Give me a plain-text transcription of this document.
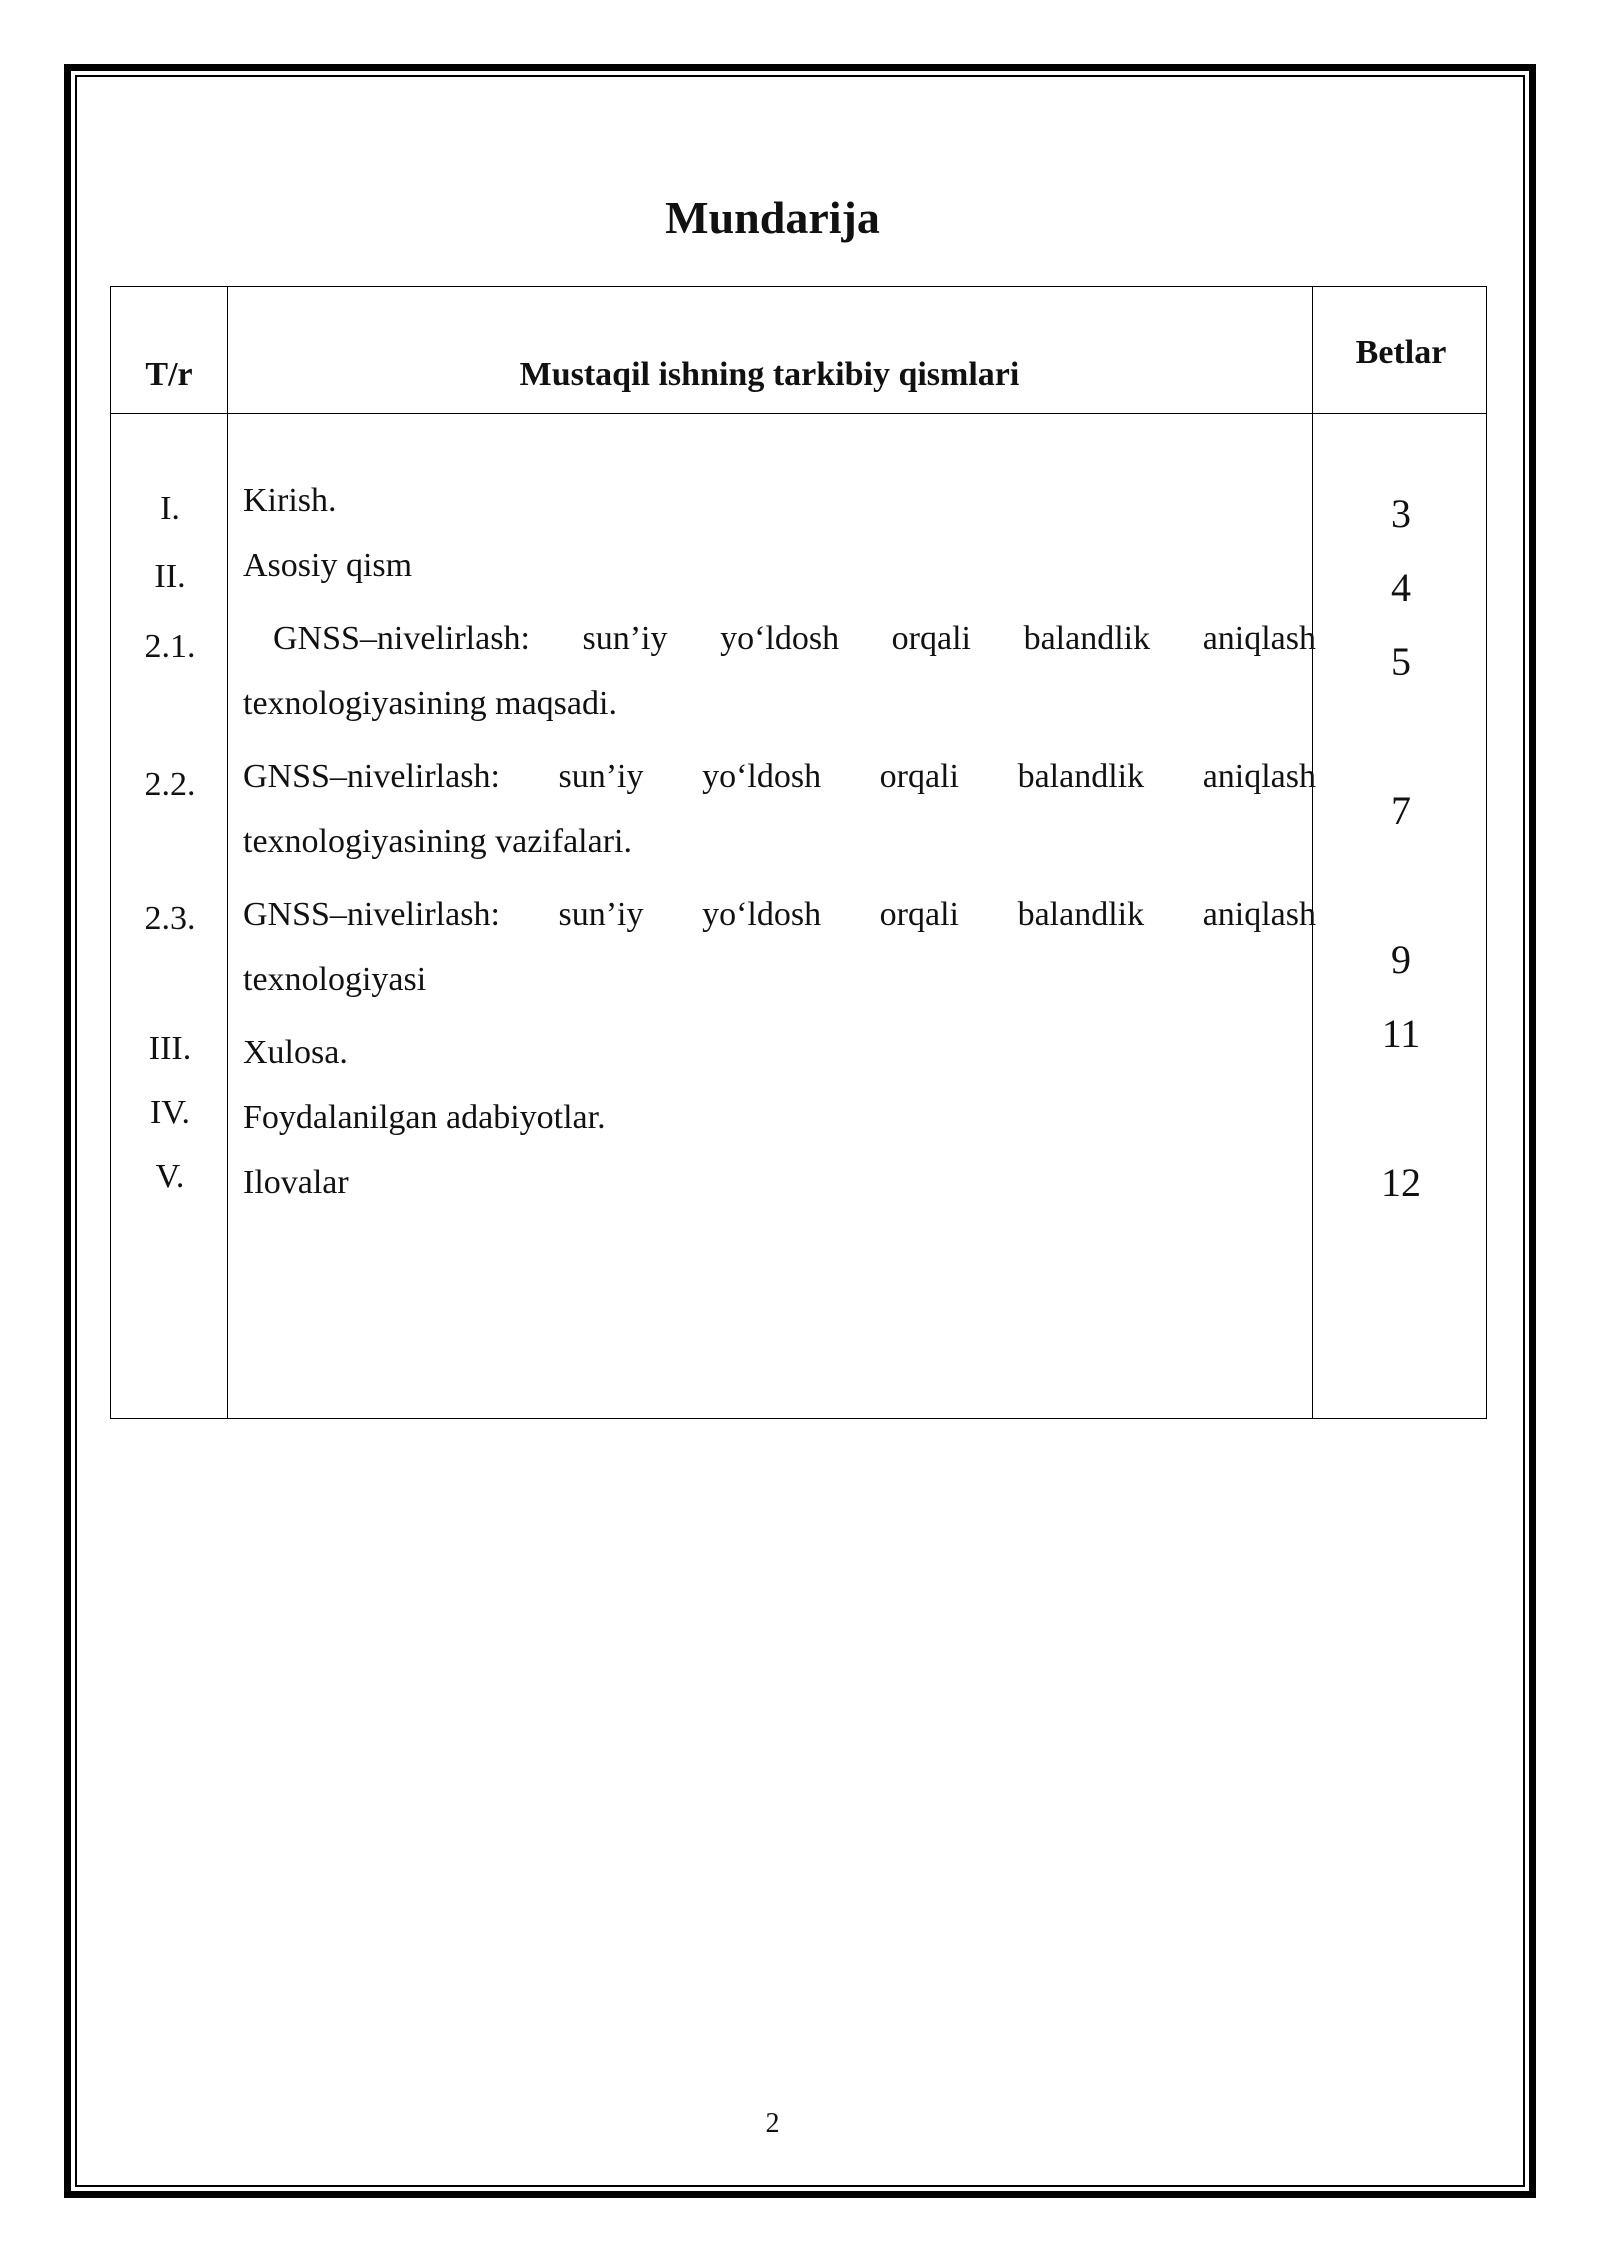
Mundarija
T/r	Mustaqil ishning tarkibiy qismlari
Betlar
I.
II.
2.1.
2.2.
2.3.
III.
IV.
V.
Kirish.
Asosiy qism
GNSS–nivelirlash: sun’iy yo‘ldosh orqali balandlik aniqlash
texnologiyasining maqsadi.
GNSS–nivelirlash: sun’iy yo‘ldosh orqali balandlik aniqlash
texnologiyasining vazifalari.
GNSS–nivelirlash: sun’iy yo‘ldosh orqali balandlik aniqlash
texnologiyasi
Xulosa.
Foydalanilgan adabiyotlar.
Ilovalar
3
4
5
7
9
11
12
2
